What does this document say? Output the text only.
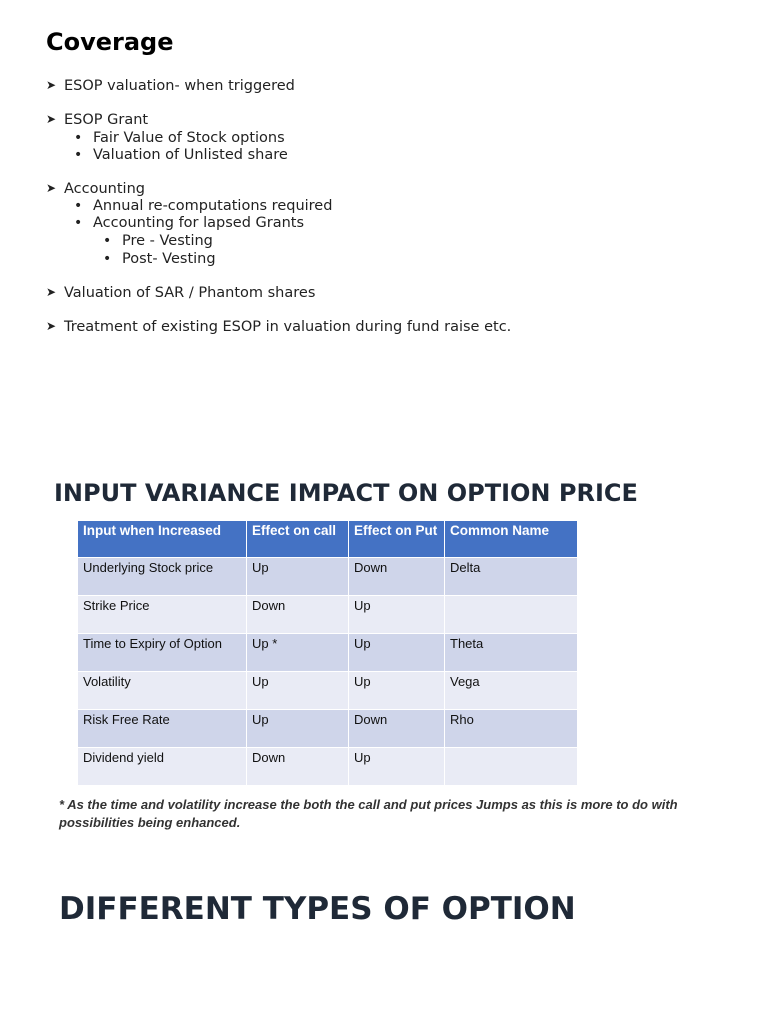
Coverage
➤ ESOP valuation- when triggered
➤ ESOP Grant
• Fair Value of Stock options
• Valuation of Unlisted share
➤ Accounting
• Annual re-computations required
• Accounting for lapsed Grants
• Pre - Vesting
• Post- Vesting
➤ Valuation of SAR / Phantom shares
➤ Treatment of existing ESOP in valuation during fund raise etc.
INPUT VARIANCE IMPACT ON OPTION PRICE
Input when Increased	Effect on call	Effect on Put	Common Name
Underlying Stock price	Up	Down	Delta
Strike Price	Down	Up	
Time to Expiry of Option	Up *	Up	Theta
Volatility	Up	Up	Vega
Risk Free Rate	Up	Down	Rho
Dividend yield	Down	Up	

* As the time and volatility increase the both the call and put prices Jumps as this is more to do with possibilities being enhanced.

DIFFERENT TYPES OF OPTION
